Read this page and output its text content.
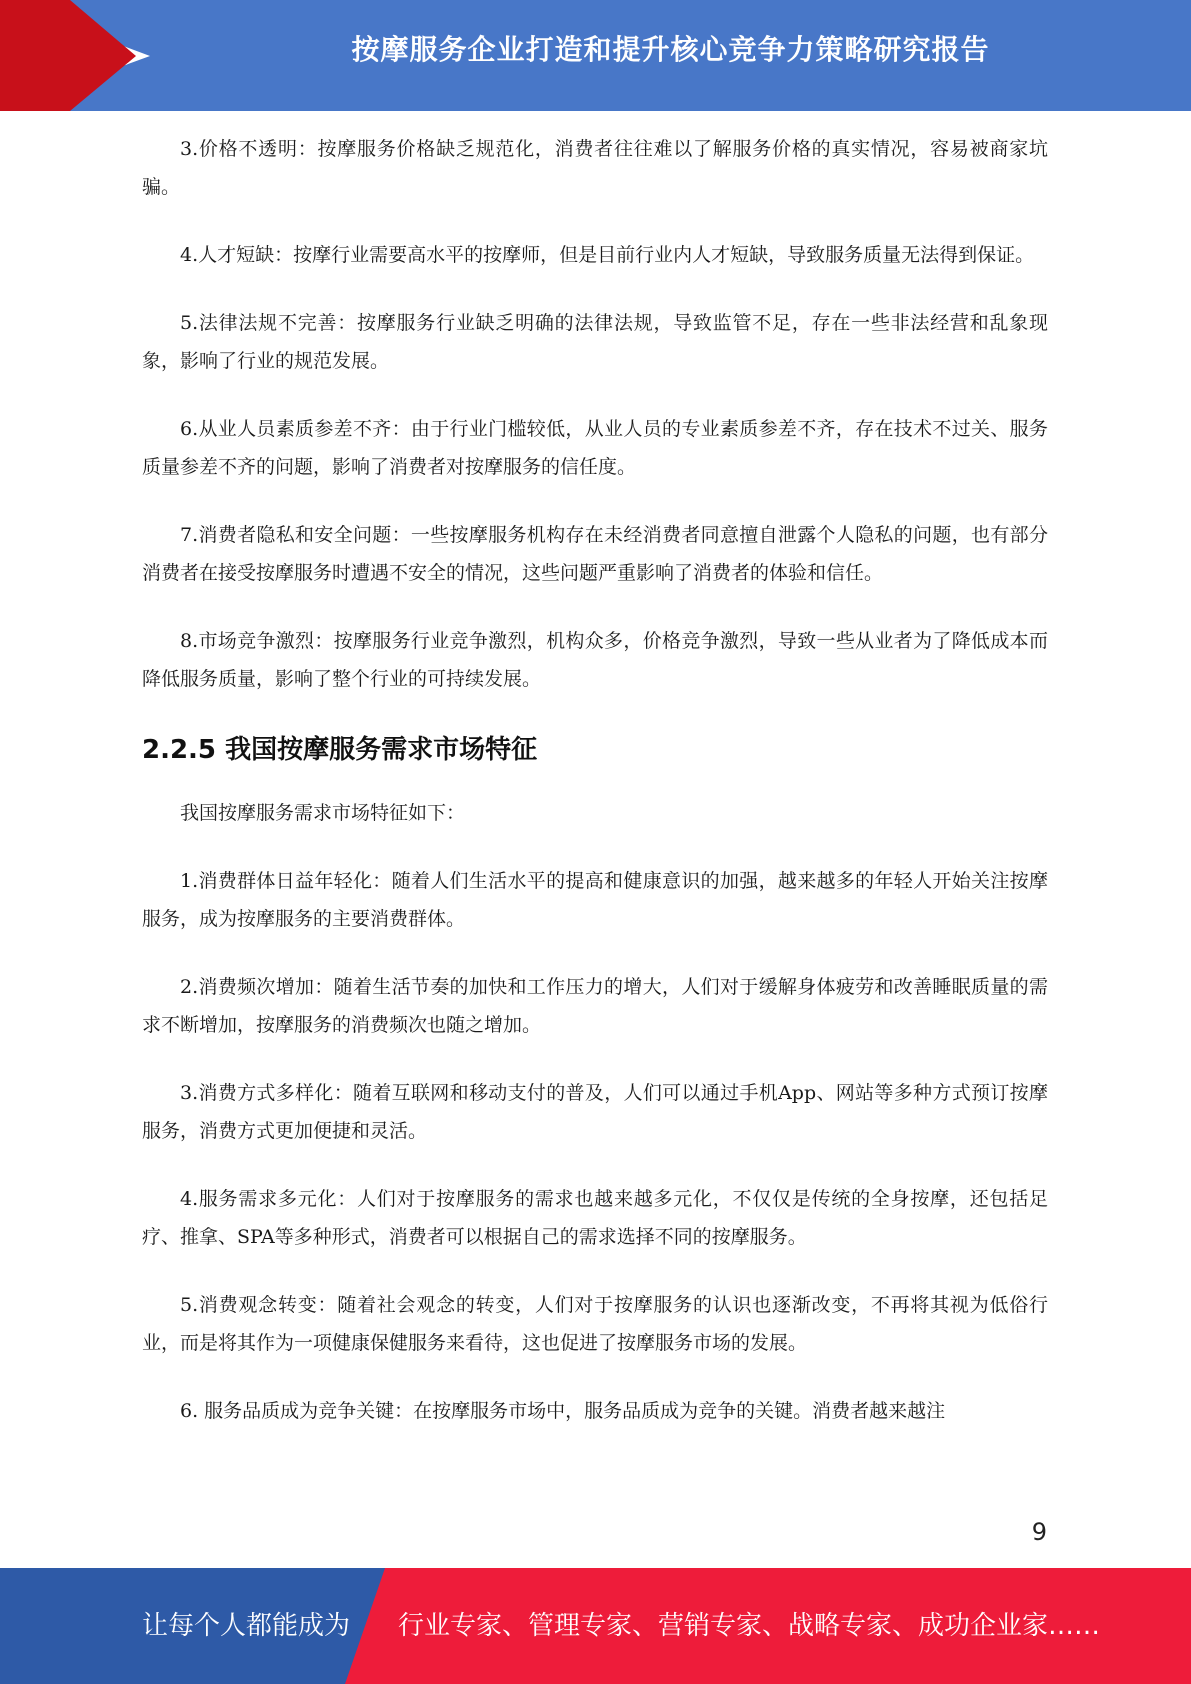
按摩服务企业打造和提升核心竞争力策略研究报告

3.价格不透明：按摩服务价格缺乏规范化，消费者往往难以了解服务价格的真实情况，容易被商家坑骗。

4.人才短缺：按摩行业需要高水平的按摩师，但是目前行业内人才短缺，导致服务质量无法得到保证。

5.法律法规不完善：按摩服务行业缺乏明确的法律法规，导致监管不足，存在一些非法经营和乱象现象，影响了行业的规范发展。

6.从业人员素质参差不齐：由于行业门槛较低，从业人员的专业素质参差不齐，存在技术不过关、服务质量参差不齐的问题，影响了消费者对按摩服务的信任度。

7.消费者隐私和安全问题：一些按摩服务机构存在未经消费者同意擅自泄露个人隐私的问题，也有部分消费者在接受按摩服务时遭遇不安全的情况，这些问题严重影响了消费者的体验和信任。

8.市场竞争激烈：按摩服务行业竞争激烈，机构众多，价格竞争激烈，导致一些从业者为了降低成本而降低服务质量，影响了整个行业的可持续发展。

2.2.5 我国按摩服务需求市场特征

我国按摩服务需求市场特征如下：

1.消费群体日益年轻化：随着人们生活水平的提高和健康意识的加强，越来越多的年轻人开始关注按摩服务，成为按摩服务的主要消费群体。

2.消费频次增加：随着生活节奏的加快和工作压力的增大，人们对于缓解身体疲劳和改善睡眠质量的需求不断增加，按摩服务的消费频次也随之增加。

3.消费方式多样化：随着互联网和移动支付的普及，人们可以通过手机App、网站等多种方式预订按摩服务，消费方式更加便捷和灵活。

4.服务需求多元化：人们对于按摩服务的需求也越来越多元化，不仅仅是传统的全身按摩，还包括足疗、推拿、SPA等多种形式，消费者可以根据自己的需求选择不同的按摩服务。

5.消费观念转变：随着社会观念的转变，人们对于按摩服务的认识也逐渐改变，不再将其视为低俗行业，而是将其作为一项健康保健服务来看待，这也促进了按摩服务市场的发展。

6. 服务品质成为竞争关键：在按摩服务市场中，服务品质成为竞争的关键。消费者越来越注

9
让每个人都能成为 行业专家、管理专家、营销专家、战略专家、成功企业家……
